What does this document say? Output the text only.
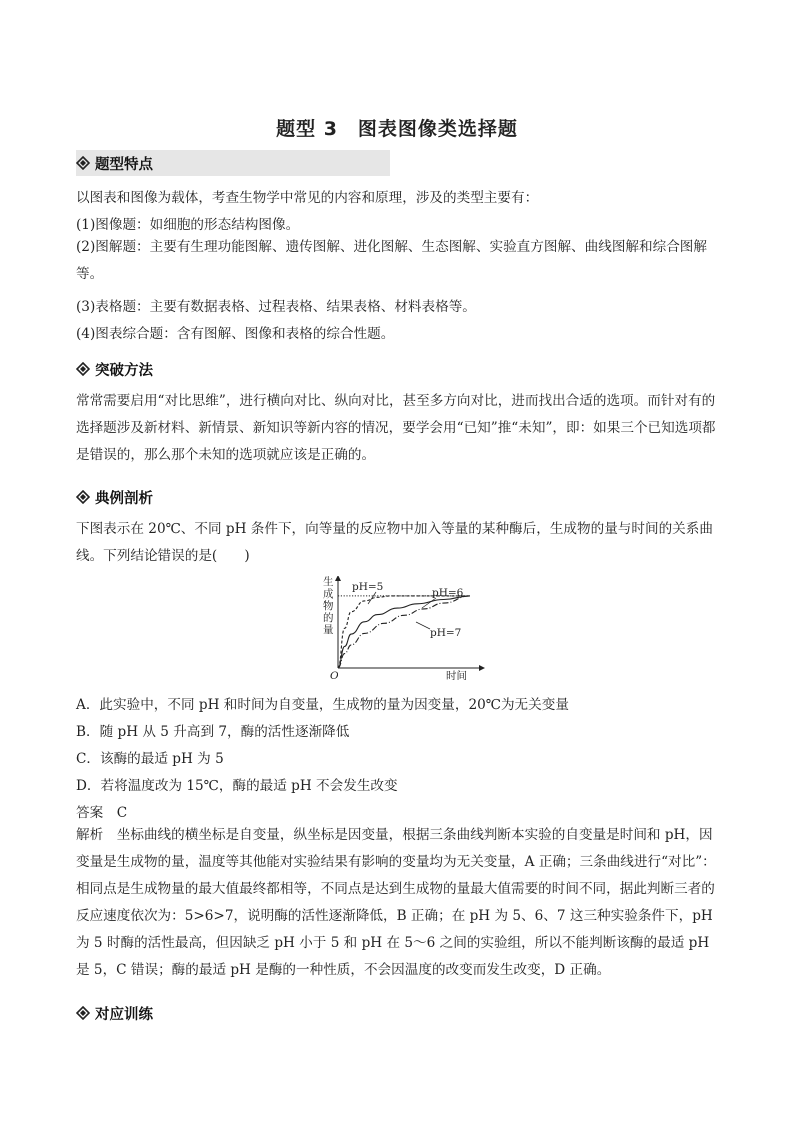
题型 3　图表图像类选择题
题型特点
以图表和图像为载体，考查生物学中常见的内容和原理，涉及的类型主要有：
(1)图像题：如细胞的形态结构图像。

(2)图解题：主要有生理功能图解、遗传图解、进化图解、生态图解、实验直方图解、曲线图解和综合图解等。

(3)表格题：主要有数据表格、过程表格、结果表格、材料表格等。
(4)图表综合题：含有图解、图像和表格的综合性题。
突破方法

常常需要启用“对比思维”，进行横向对比、纵向对比，甚至多方向对比，进而找出合适的选项。而针对有的选择题涉及新材料、新情景、新知识等新内容的情况，要学会用“已知”推“未知”，即：如果三个已知选项都是错误的，那么那个未知的选项就应该是正确的。

典例剖析

下图表示在 20℃、不同 pH 条件下，向等量的反应物中加入等量的某种酶后，生成物的量与时间的关系曲线。下列结论错误的是(　　)

生
成
物
的
量
O	时间
pH=5	pH=6
pH=7
A．此实验中，不同 pH 和时间为自变量，生成物的量为因变量，20℃为无关变量
B．随 pH 从 5 升高到 7，酶的活性逐渐降低
C．该酶的最适 pH 为 5
D．若将温度改为 15℃，酶的最适 pH 不会发生改变
答案　C

解析　坐标曲线的横坐标是自变量，纵坐标是因变量，根据三条曲线判断本实验的自变量是时间和 pH，因变量是生成物的量，温度等其他能对实验结果有影响的变量均为无关变量，A 正确；三条曲线进行“对比”：相同点是生成物量的最大值最终都相等，不同点是达到生成物的量最大值需要的时间不同，据此判断三者的反应速度依次为：5>6>7，说明酶的活性逐渐降低，B 正确；在 pH 为 5、6、7 这三种实验条件下，pH 为 5 时酶的活性最高，但因缺乏 pH 小于 5 和 pH 在 5～6 之间的实验组，所以不能判断该酶的最适 pH 是 5，C 错误；酶的最适 pH 是酶的一种性质，不会因温度的改变而发生改变，D 正确。

对应训练
